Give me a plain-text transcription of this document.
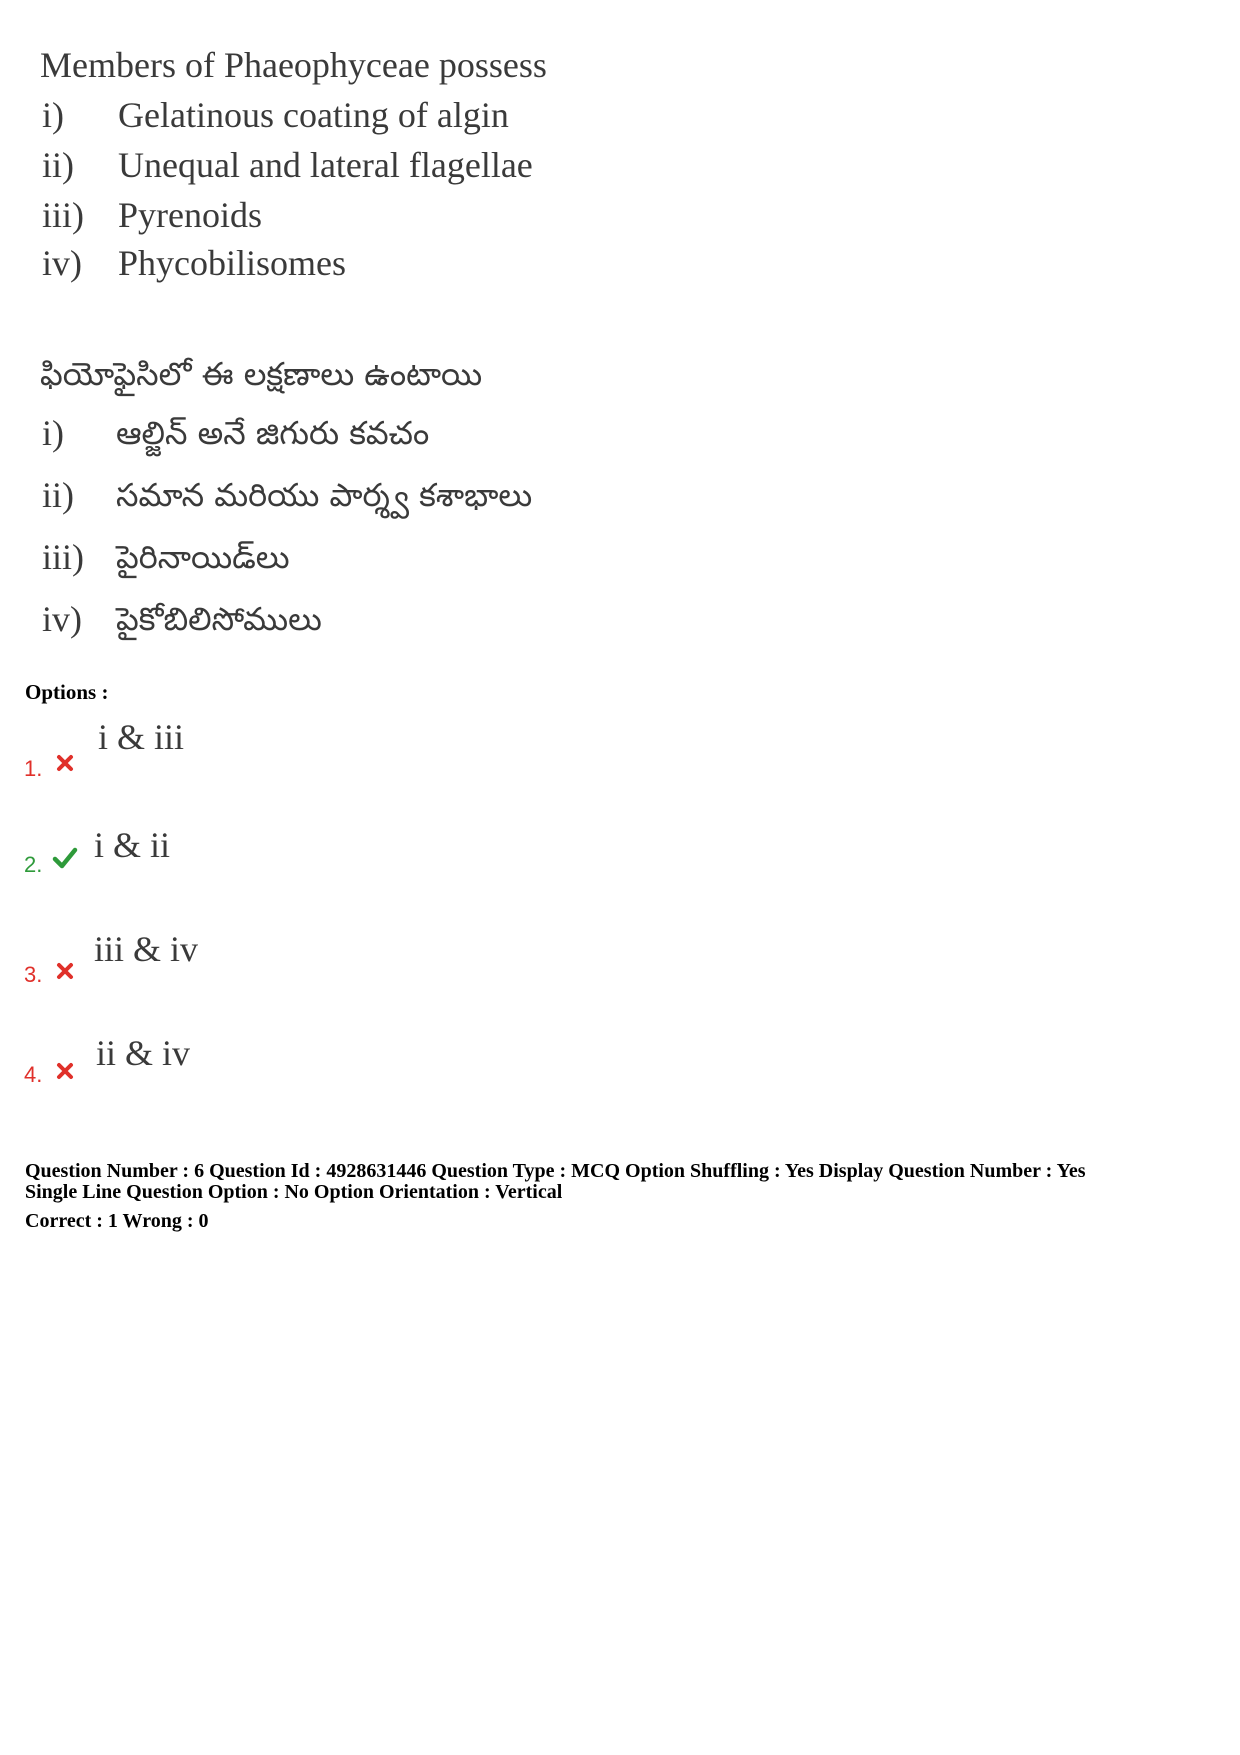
Members of Phaeophyceae possess
i) Gelatinous coating of algin
ii) Unequal and lateral flagellae
iii) Pyrenoids
iv) Phycobilisomes
ఫియోఫైసిలో ఈ లక్షణాలు ఉంటాయి
i) ఆల్జిన్ అనే జిగురు కవచం
ii) సమాన మరియు పార్శ్వ కశాభాలు
iii) పైరినాయిడ్‌లు
iv) పైకోబిలిసోములు
Options :
1.
i & iii
2. i & ii
3.
iii & iv
4.
ii & iv
Question Number : 6 Question Id : 4928631446 Question Type : MCQ Option Shuffling : Yes Display Question Number : Yes
Single Line Question Option : No Option Orientation : Vertical
Correct : 1 Wrong : 0
